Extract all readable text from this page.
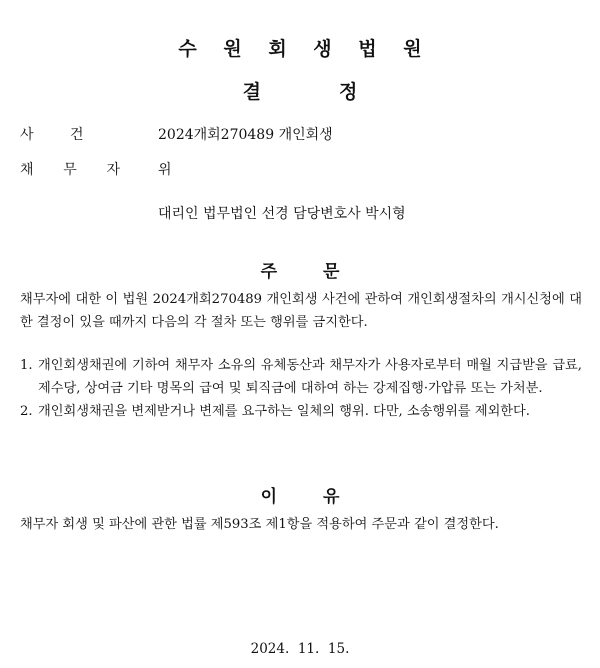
수 원 회 생 법 원
결	정
사	건	2024개회270489 개인회생
채 무 자	위
대리인 법무법인 선경 담당변호사 박시형
주	문
채무자에 대한 이 법원 2024개회270489 개인회생 사건에 관하여 개인회생절차의 개시신청에 대한 결정이 있을 때까지 다음의 각 절차 또는 행위를 금지한다.
1. 개인회생채권에 기하여 채무자 소유의 유체동산과 채무자가 사용자로부터 매월 지급받을 급료, 제수당, 상여금 기타 명목의 급여 및 퇴직금에 대하여 하는 강제집행·가압류 또는 가처분.
2. 개인회생채권을 변제받거나 변제를 요구하는 일체의 행위. 다만, 소송행위를 제외한다.
이	유
채무자 회생 및 파산에 관한 법률 제593조 제1항을 적용하여 주문과 같이 결정한다.
2024.  11.  15.
